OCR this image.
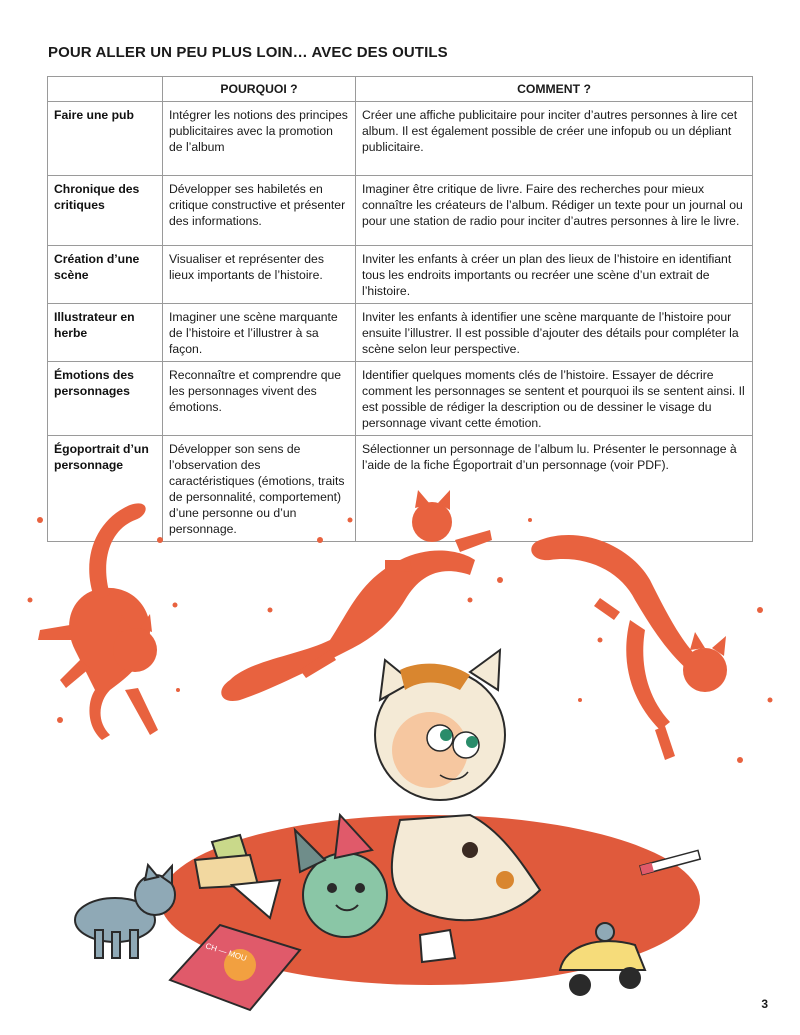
POUR ALLER UN PEU PLUS LOIN… AVEC DES OUTILS
	POURQUOI ?	COMMENT ?
Faire une pub	Intégrer les notions des principes publicitaires avec la promotion de l’album	Créer une affiche publicitaire pour inciter d’autres personnes à lire cet album. Il est également possible de créer une infopub ou un dépliant publicitaire.
Chronique des critiques	Développer ses habiletés en critique constructive et présenter des informations.	Imaginer être critique de livre. Faire des recherches pour mieux connaître les créateurs de l’album. Rédiger un texte pour un journal ou pour une station de radio pour inciter d’autres personnes à lire le livre.
Création d’une scène	Visualiser et représenter des lieux importants de l’histoire.	Inviter les enfants à créer un plan des lieux de l’histoire en identifiant tous les endroits importants ou recréer une scène d’un extrait de l’histoire.
Illustrateur en herbe	Imaginer une scène marquante de l’histoire et l’illustrer à sa façon.	Inviter les enfants à identifier une scène marquante de l’histoire pour ensuite l’illustrer. Il est possible d’ajouter des détails pour compléter la scène selon leur perspective.
Émotions des personnages	Reconnaître et comprendre que les personnages vivent des émotions.	Identifier quelques moments clés de l’histoire. Essayer de décrire comment les personnages se sentent et pourquoi ils se sentent ainsi. Il est possible de rédiger la description ou de dessiner le visage du personnage vivant cette émotion.
Égoportrait d’un personnage	Développer son sens de l’observation des caractéristiques (émotions, traits de personnalité, comportement) d’une personne ou d’un personnage.	Sélectionner un personnage de l’album lu. Présenter le personnage à l’aide de la fiche Égoportrait d’un personnage (voir PDF).
CH — MOU
3
